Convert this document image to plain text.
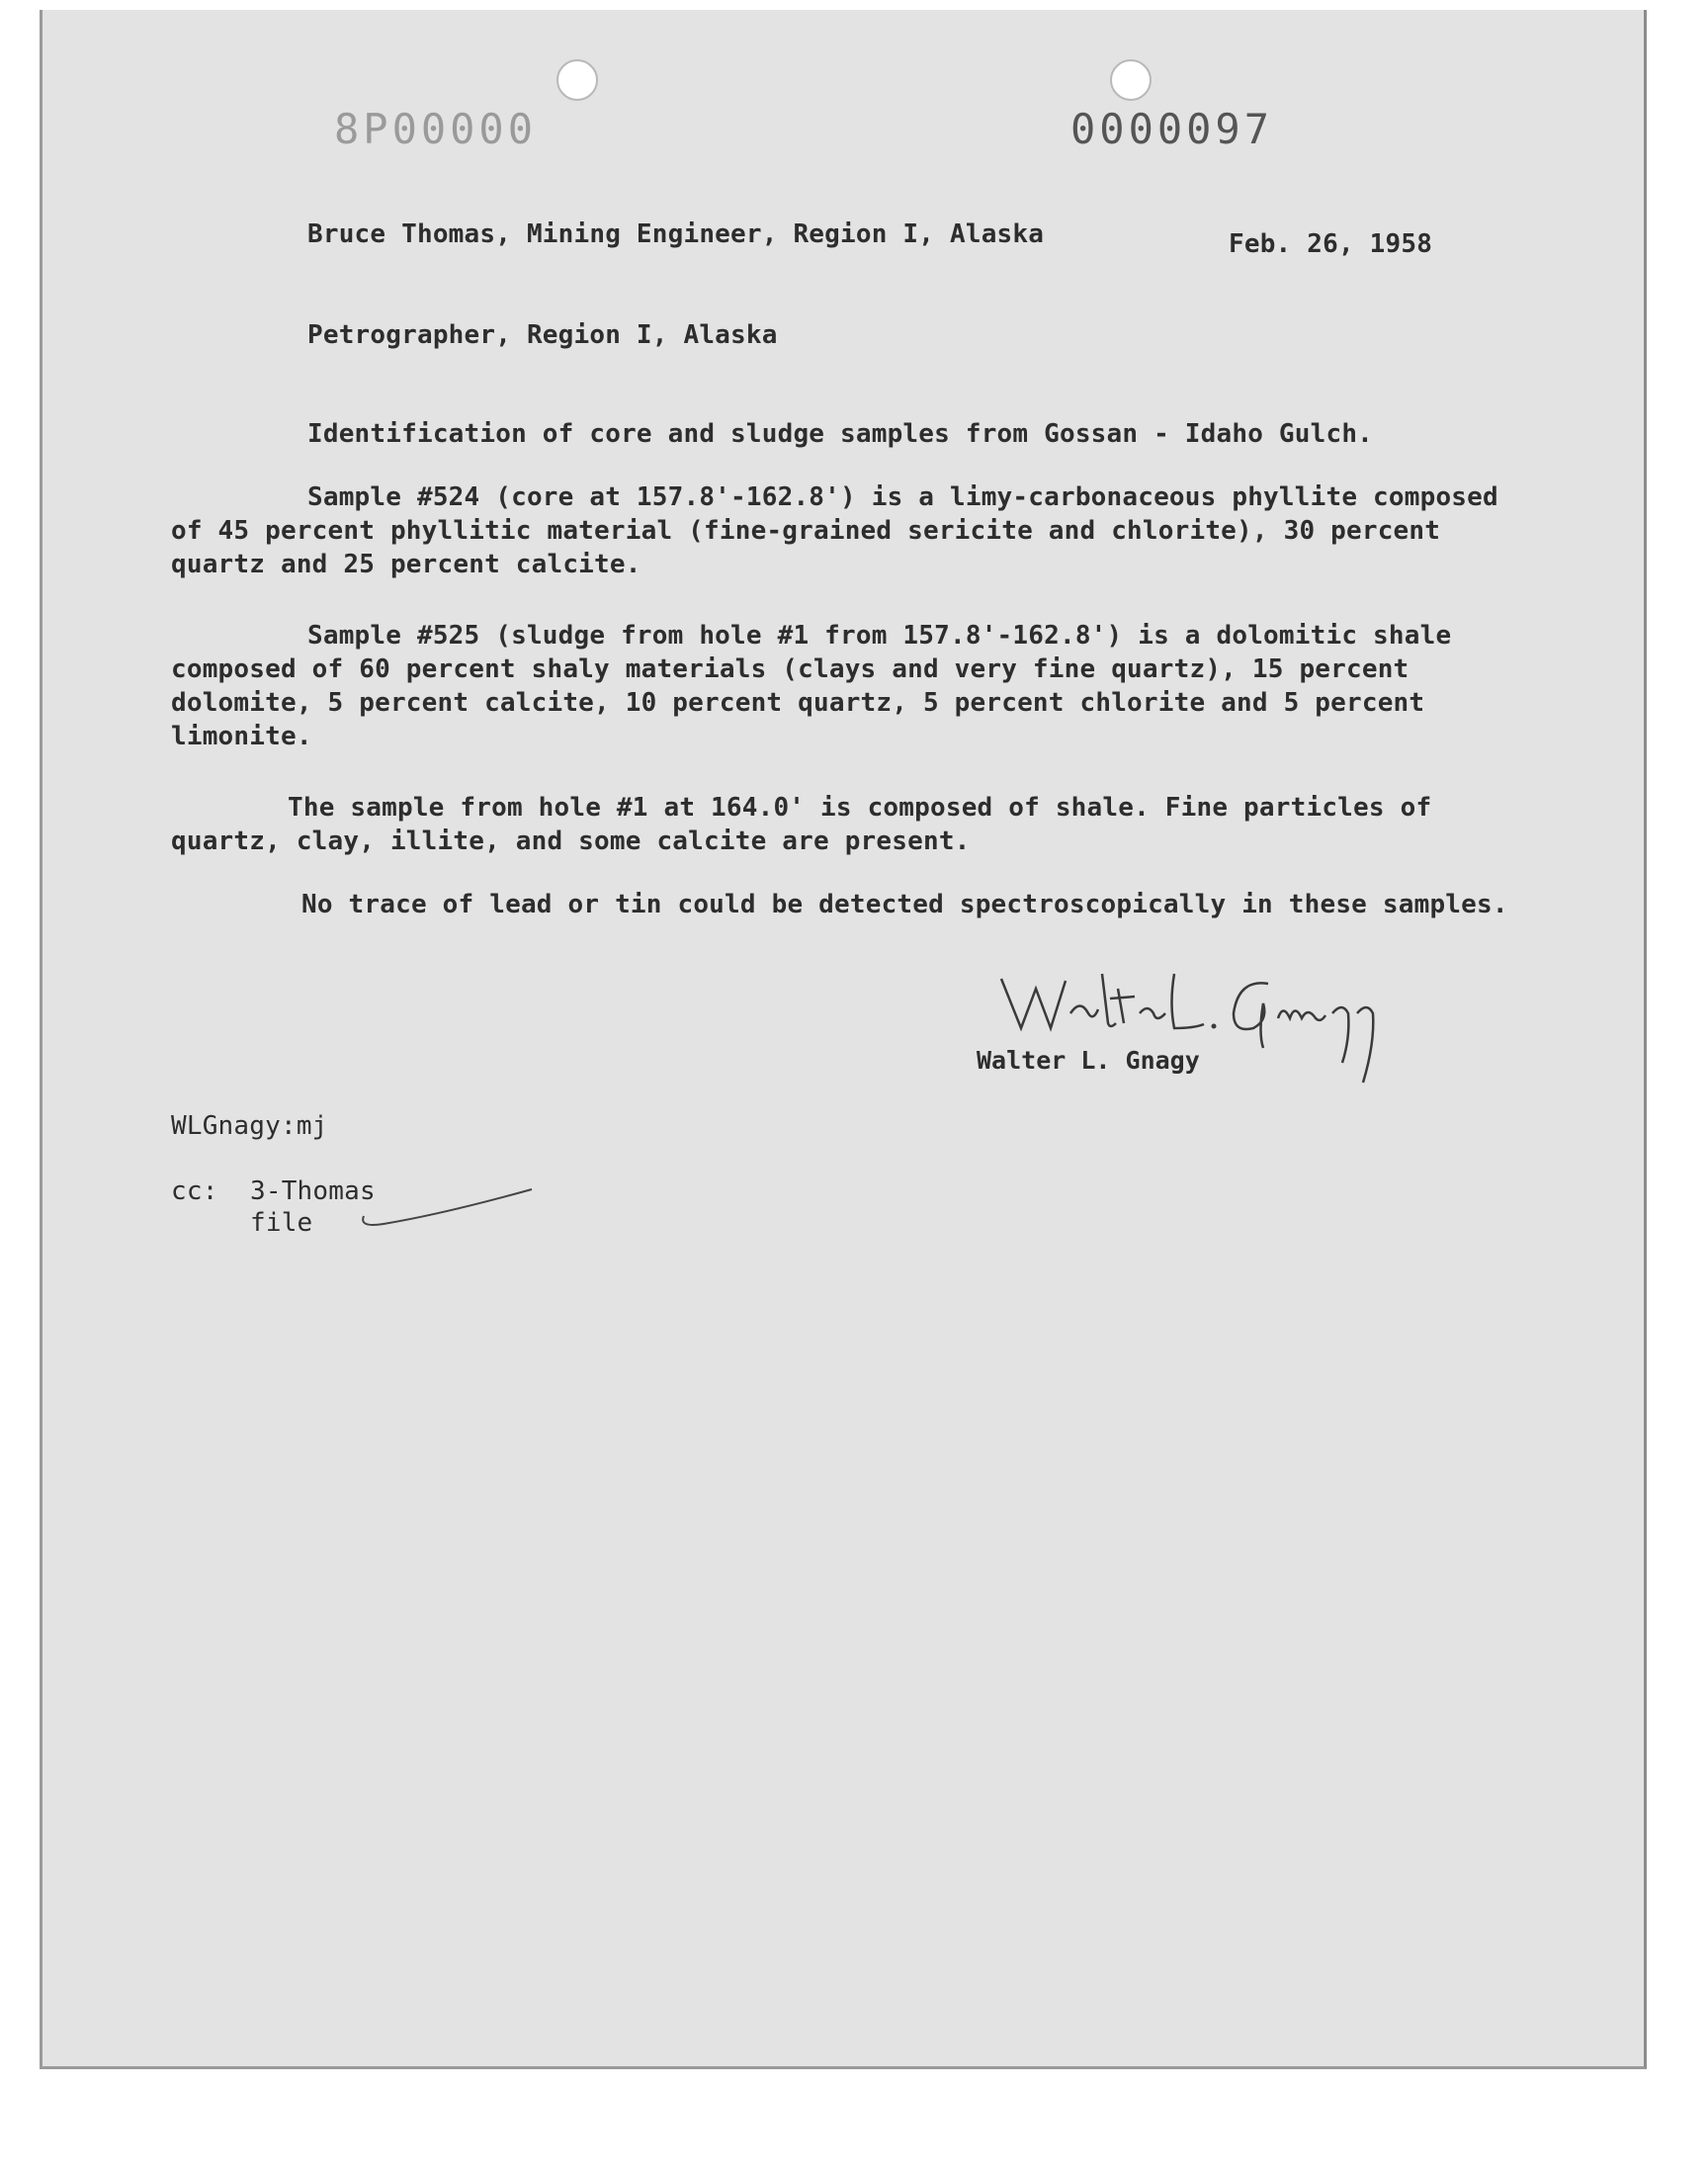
8P00000	0000097
Bruce Thomas, Mining Engineer, Region I, Alaska	Feb. 26, 1958
Petrographer, Region I, Alaska
Identification of core and sludge samples from Gossan - Idaho Gulch.
Sample #524 (core at 157.8'-162.8') is a limy-carbonaceous phyllite composed
of 45 percent phyllitic material (fine-grained sericite and chlorite), 30 percent
quartz and 25 percent calcite.
Sample #525 (sludge from hole #1 from 157.8'-162.8') is a dolomitic shale
composed of 60 percent shaly materials (clays and very fine quartz), 15 percent
dolomite, 5 percent calcite, 10 percent quartz, 5 percent chlorite and 5 percent
limonite.
The sample from hole #1 at 164.0' is composed of shale. Fine particles of
quartz, clay, illite, and some calcite are present.
No trace of lead or tin could be detected spectroscopically in these samples.
Walter L. Gnagy
WLGnagy:mj
cc: 3-Thomas
file
